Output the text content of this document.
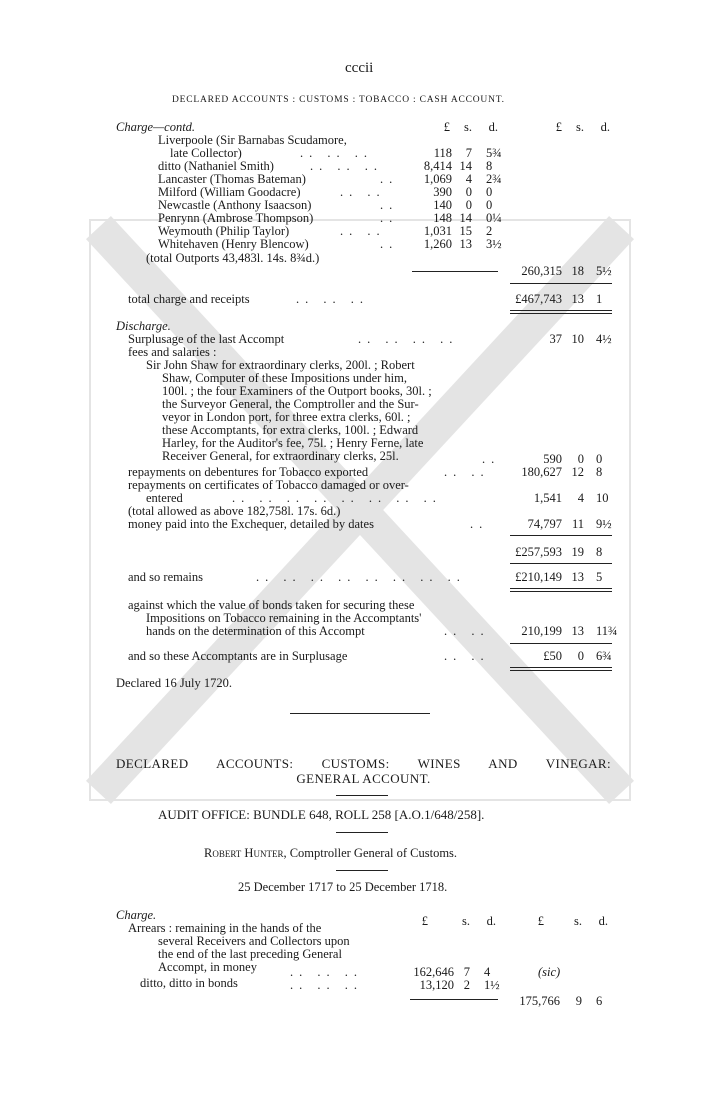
cccii
DECLARED ACCOUNTS : CUSTOMS : TOBACCO : CASH ACCOUNT.
£	s.	d.	£	s.	d.
Charge—contd.
Liverpoole (Sir Barnabas Scudamore,
late Collector)	.. .. ..	118	7 5¾
ditto (Nathaniel Smith)	.. .. ..	8,414 14 8
Lancaster (Thomas Bateman)	..	1,069	4 2¾
Milford (William Goodacre)	.. ..	390	0 0
Newcastle (Anthony Isaacson)	..	140	0 0
Penrynn (Ambrose Thompson)	..	148 14 0¼
Weymouth (Philip Taylor)	.. ..	1,031 15 2
Whitehaven (Henry Blencow)	..	1,260 13 3½
(total Outports 43,483l. 14s. 8¾d.)
260,315 18 5½
total charge and receipts	.. .. ..	£467,743 13 1
Discharge.
Surplusage of the last Accompt	.. .. .. ..	37 10 4½
fees and salaries :
Sir John Shaw for extraordinary clerks, 200l. ; Robert
Shaw, Computer of these Impositions under him,
100l. ; the four Examiners of the Outport books, 30l. ;
the Surveyor General, the Comptroller and the Sur-
veyor in London port, for three extra clerks, 60l. ;
these Accomptants, for extra clerks, 100l. ; Edward
Harley, for the Auditor's fee, 75l. ; Henry Ferne, late
Receiver General, for extraordinary clerks, 25l.	..	590	0 0
repayments on debentures for Tobacco exported	.. ..	180,627 12 8
repayments on certificates of Tobacco damaged or over-
entered	.. .. .. .. .. .. .. ..	1,541	4 10
(total allowed as above 182,758l. 17s. 6d.)
money paid into the Exchequer, detailed by dates	..	74,797 11 9½
£257,593 19 8
and so remains	.. .. .. .. .. .. .. ..	£210,149 13 5
against which the value of bonds taken for securing these
Impositions on Tobacco remaining in the Accomptants'
hands on the determination of this Accompt	.. ..	210,199 13 11¾
and so these Accomptants are in Surplusage	.. ..	£50	0 6¾
Declared 16 July 1720.
DECLARED ACCOUNTS: CUSTOMS: WINES AND VINEGAR:
GENERAL ACCOUNT.
AUDIT OFFICE: BUNDLE 648, ROLL 258 [A.O.1/648/258].
Robert Hunter, Comptroller General of Customs.
25 December 1717 to 25 December 1718.
Charge.	£	s.	d.	£	s.	d.
Arrears : remaining in the hands of the
several Receivers and Collectors upon
the end of the last preceding General
Accompt, in money	.. .. ..	162,646 7 4	(sic)
ditto, ditto in bonds	.. .. ..	13,120 2 1½
175,766	9 6
